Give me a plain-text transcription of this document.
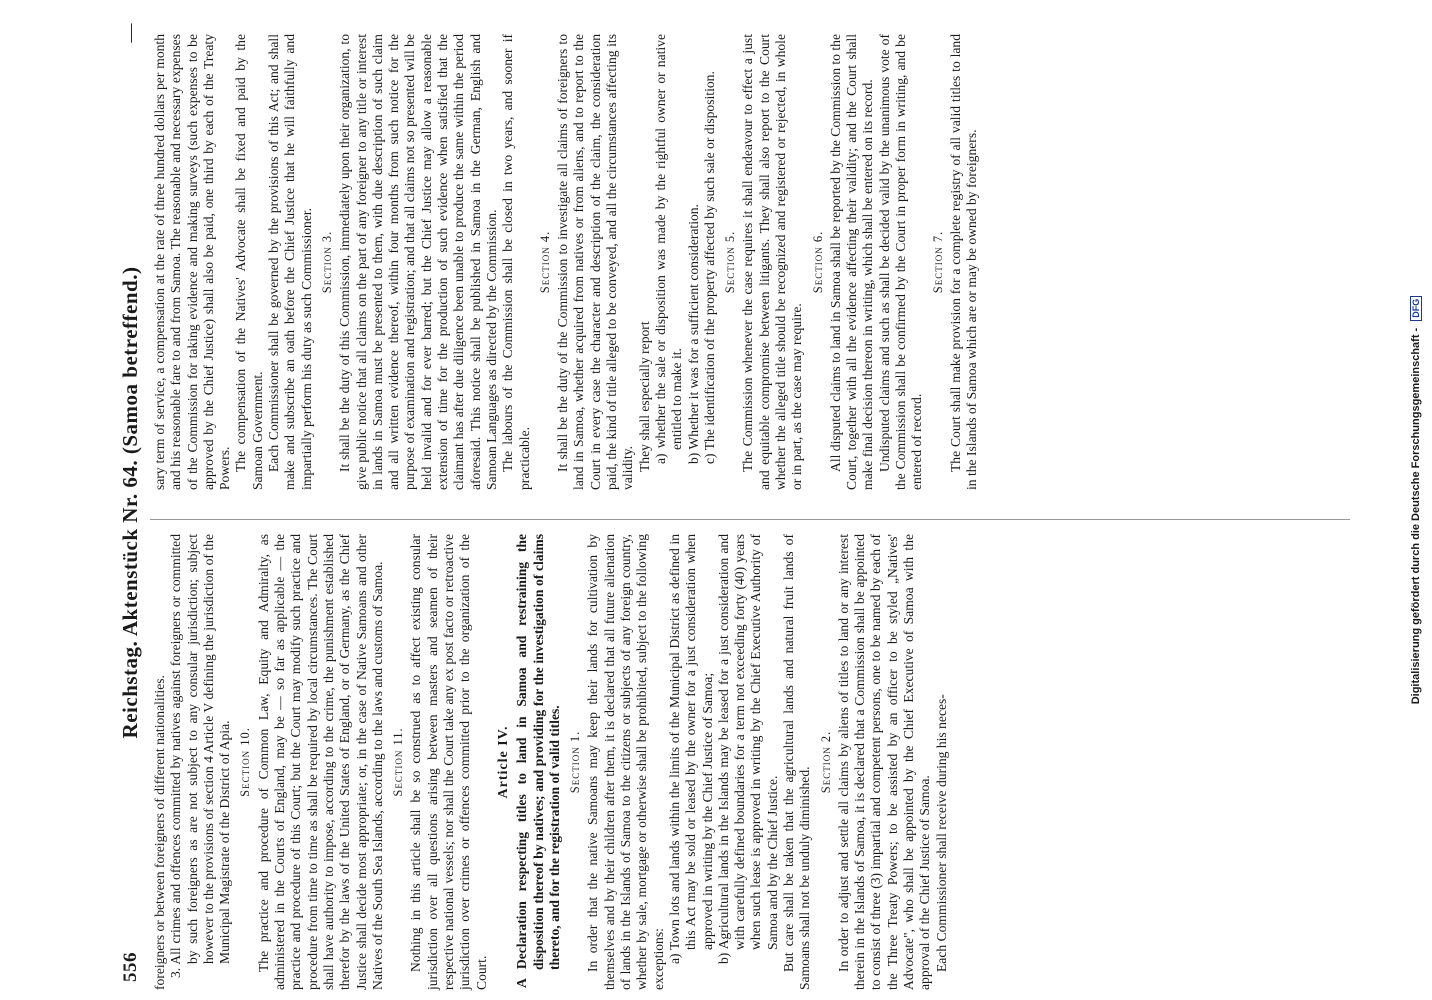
556
Reichstag. Aktenstück Nr. 64. (Samoa betreffend.)
—

foreigners or between foreigners of different nationalities. 3. All crimes and offences committed by natives against foreigners or committed by such foreigners as are not subject to any consular jurisdiction; subject however to the provisions of section 4 Article V defining the jurisdiction of the Municipal Magistrate of the District of Apia. Section 10. The practice and procedure of Common Law, Equity and Admiralty, as administered in the Courts of England, may be — so far as applicable — the practice and procedure of this Court; but the Court may modify such practice and procedure from time to time as shall be required by local circumstances. The Court shall have authority to impose, according to the crime, the punishment established therefor by the laws of the United States of England, or of Germany, as the Chief Justice shall decide most appropriate; or, in the case of Native Samoans and other Natives of the South Sea Islands, according to the laws and customs of Samoa. Section 11. Nothing in this article shall be so construed as to affect existing consular jurisdiction over all questions arising between masters and seamen of their respective national vessels; nor shall the Court take any ex post facto or retroactive jurisdiction over crimes or offences committed prior to the organization of the Court.

Article IV. A Declaration respecting titles to land in Samoa and restraining the disposition thereof by natives; and providing for the investigation of claims thereto, and for the registration of valid titles. Section 1. In order that the native Samoans may keep their lands for cultivation by themselves and by their children after them, it is declared that all future alienation of lands in the Islands of Samoa to the citizens or subjects of any foreign country, whether by sale, mortgage or otherwise shall be prohibited, subject to the following exceptions: a) Town lots and lands within the limits of the Municipal District as defined in this Act may be sold or leased by the owner for a just consideration when approved in writing by the Chief Justice of Samoa; b) Agricultural lands in the Islands may be leased for a just consideration and with carefully defined boundaries for a term not exceeding forty (40) years when such lease is approved in writing by the Chief Executive Authority of Samoa and by the Chief Justice. But care shall be taken that the agricultural lands and natural fruit lands of Samoans shall not be unduly diminished.

Section 2. In order to adjust and settle all claims by aliens of titles to land or any interest therein in the Islands of Samoa, it is declared that a Commission shall be appointed to consist of three (3) impartial and competent persons, one to be named by each of the Three Treaty Powers; to be assisted by an officer to be styled „Natives' Advocate", who shall be appointed by the Chief Executive of Samoa with the approval of the Chief Justice of Samoa. Each Commissioner shall receive during his neces-

sary term of service, a compensation at the rate of three hundred dollars per month and his reasonable fare to and from Samoa. The reasonable and necessary expenses of the Commission for taking evidence and making surveys (such expenses to be approved by the Chief Justice) shall also be paid, one third by each of the Treaty Powers. The compensation of the Natives' Advocate shall be fixed and paid by the Samoan Government. Each Commissioner shall be governed by the provisions of this Act; and shall make and subscribe an oath before the Chief Justice that he will faithfully and impartially perform his duty as such Commissioner. Section 3. It shall be the duty of this Commission, immediately upon their organization, to give public notice that all claims on the part of any foreigner to any title or interest in lands in Samoa must be presented to them, with due description of such claim and all written evidence thereof, within four months from such notice for the purpose of examination and registration; and that all claims not so presented will be held invalid and for ever barred; but the Chief Justice may allow a reasonable extension of time for the production of such evidence when satisfied that the claimant has after due diligence been unable to produce the same within the period aforesaid. This notice shall be published in Samoa in the German, English and Samoan Languages as directed by the Commission. The labours of the Commission shall be closed in two years, and sooner if practicable.

Section 4. It shall be the duty of the Commission to investigate all claims of foreigners to land in Samoa, whether acquired from natives or from aliens, and to report to the Court in every case the character and description of the claim, the consideration paid, the kind of title alleged to be conveyed, and all the circumstances affecting its validity. They shall especially report a) whether the sale or disposition was made by the rightful owner or native entitled to make it. b) Whether it was for a sufficient consideration. c) The identification of the property affected by such sale or disposition. Section 5. The Commission whenever the case requires it shall endeavour to effect a just and equitable compromise between litigants. They shall also report to the Court whether the alleged title should be recognized and registered or rejected, in whole or in part, as the case may require.

Section 6. All disputed claims to land in Samoa shall be reported by the Commission to the Court, together with all the evidence affecting their validity; and the Court shall make final decision thereon in writing, which shall be entered on its record. Undisputed claims and such as shall be decided valid by the unanimous vote of the Commission shall be confirmed by the Court in proper form in writing, and be entered of record.

Section 7. The Court shall make provision for a complete registry of all valid titles to land in the Islands of Samoa which are or may be owned by foreigners.

Digitalisierung gefördert durch die Deutsche Forschungsgemeinschaft - DFG
